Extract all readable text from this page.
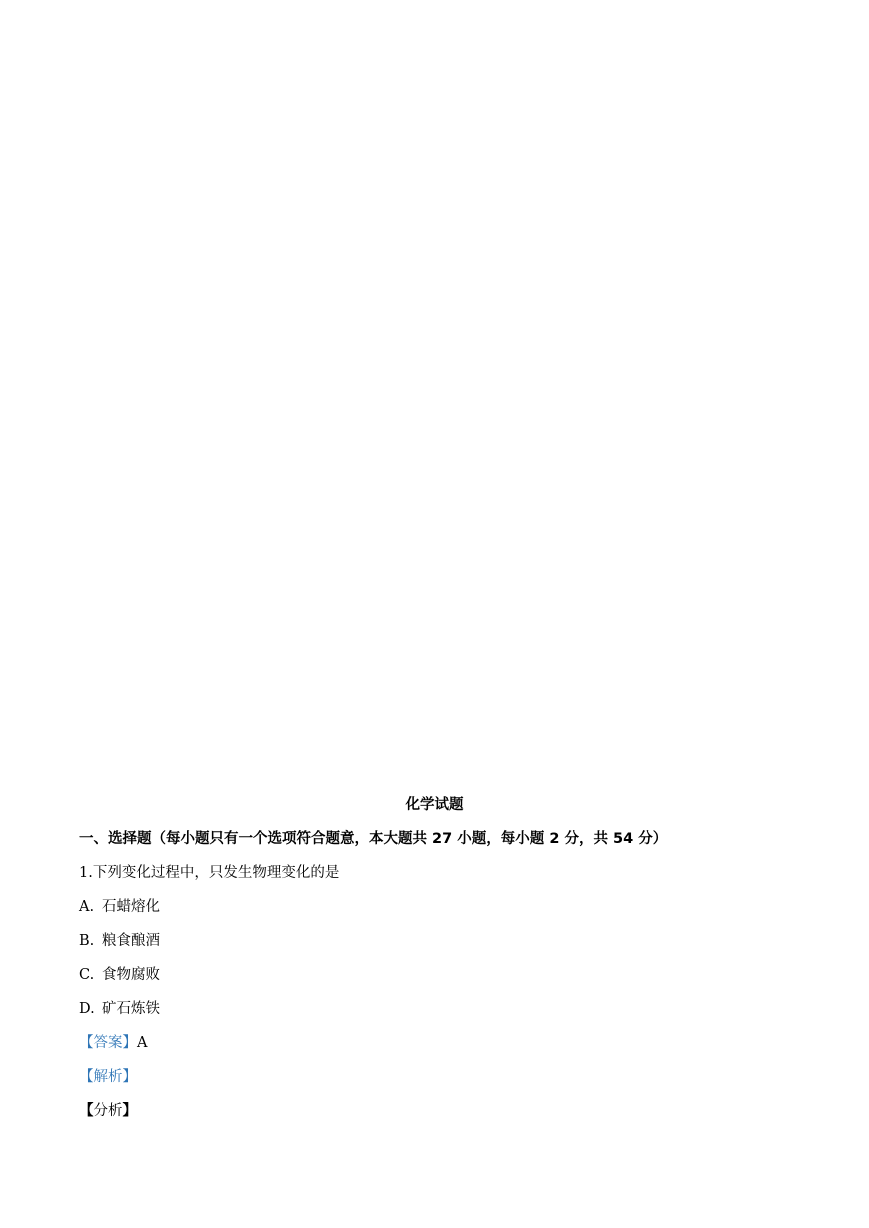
化学试题
一、选择题（每小题只有一个选项符合题意，本大题共 27 小题，每小题 2 分，共 54 分）
1.下列变化过程中，只发生物理变化的是
A. 石蜡熔化
B. 粮食酿酒
C. 食物腐败
D. 矿石炼铁
【答案】A
【解析】
【分析】
